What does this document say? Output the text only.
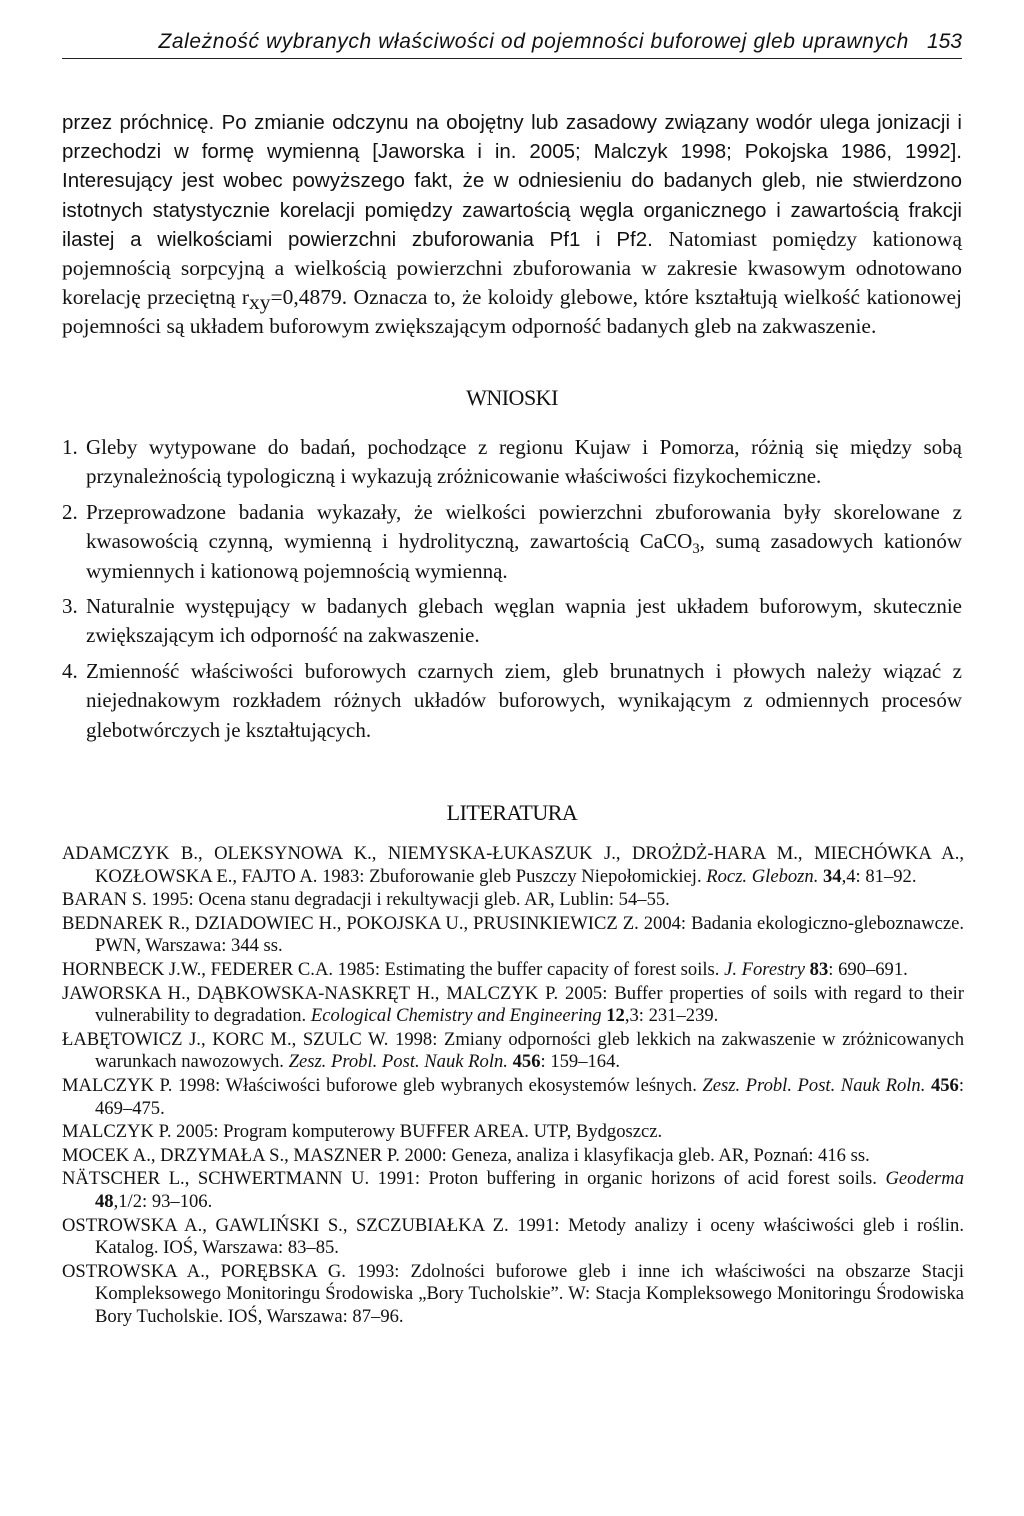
Zależność wybranych właściwości od pojemności buforowej gleb uprawnych 153
przez próchnicę. Po zmianie odczynu na obojętny lub zasadowy związany wodór ulega jonizacji i przechodzi w formę wymienną [Jaworska i in. 2005; Malczyk 1998; Pokojska 1986, 1992]. Interesujący jest wobec powyższego fakt, że w odniesieniu do badanych gleb, nie stwierdzono istotnych statystycznie korelacji pomiędzy zawartością węgla organicznego i zawartością frakcji ilastej a wielkościami powierzchni zbuforowania Pf1 i Pf2. Natomiast pomiędzy kationową pojemnością sorpcyjną a wielkością powierzchni zbuforowania w zakresie kwasowym odnotowano korelację przeciętną $r_{xy}=0,4879$. Oznacza to, że koloidy glebowe, które kształtują wielkość kationowej pojemności są układem buforowym zwiększającym odporność badanych gleb na zakwaszenie.
WNIOSKI
1. Gleby wytypowane do badań, pochodzące z regionu Kujaw i Pomorza, różnią się między sobą przynależnością typologiczną i wykazują zróżnicowanie właściwości fizykochemiczne.
2. Przeprowadzone badania wykazały, że wielkości powierzchni zbuforowania były skorelowane z kwasowością czynną, wymienną i hydrolityczną, zawartością CaCO$_3$, sumą zasadowych kationów wymiennych i kationową pojemnością wymienną.
3. Naturalnie występujący w badanych glebach węglan wapnia jest układem buforowym, skutecznie zwiększającym ich odporność na zakwaszenie.
4. Zmienność właściwości buforowych czarnych ziem, gleb brunatnych i płowych należy wiązać z niejednakowym rozkładem różnych układów buforowych, wynikającym z odmiennych procesów glebotwórczych je kształtujących.
LITERATURA
ADAMCZYK B., OLEKSYNOWA K., NIEMYSKA-ŁUKASZUK J., DROŻDŻ-HARA M., MIECHÓWKA A., KOZŁOWSKA E., FAJTO A. 1983: Zbuforowanie gleb Puszczy Niepołomickiej. Rocz. Glebozn. 34,4: 81–92.
BARAN S. 1995: Ocena stanu degradacji i rekultywacji gleb. AR, Lublin: 54–55.
BEDNAREK R., DZIADOWIEC H., POKOJSKA U., PRUSINKIEWICZ Z. 2004: Badania ekologiczno-gleboznawcze. PWN, Warszawa: 344 ss.
HORNBECK J.W., FEDERER C.A. 1985: Estimating the buffer capacity of forest soils. J. Forestry 83: 690–691.
JAWORSKA H., DĄBKOWSKA-NASKRĘT H., MALCZYK P. 2005: Buffer properties of soils with regard to their vulnerability to degradation. Ecological Chemistry and Engineering 12,3: 231–239.
ŁABĘTOWICZ J., KORC M., SZULC W. 1998: Zmiany odporności gleb lekkich na zakwaszenie w zróżnicowanych warunkach nawozowych. Zesz. Probl. Post. Nauk Roln. 456: 159–164.
MALCZYK P. 1998: Właściwości buforowe gleb wybranych ekosystemów leśnych. Zesz. Probl. Post. Nauk Roln. 456: 469–475.
MALCZYK P. 2005: Program komputerowy BUFFER AREA. UTP, Bydgoszcz.
MOCEK A., DRZYMAŁA S., MASZNER P. 2000: Geneza, analiza i klasyfikacja gleb. AR, Poznań: 416 ss.
NÄTSCHER L., SCHWERTMANN U. 1991: Proton buffering in organic horizons of acid forest soils. Geoderma 48,1/2: 93–106.
OSTROWSKA A., GAWLIŃSKI S., SZCZUBIAŁKA Z. 1991: Metody analizy i oceny właściwości gleb i roślin. Katalog. IOŚ, Warszawa: 83–85.
OSTROWSKA A., PORĘBSKA G. 1993: Zdolności buforowe gleb i inne ich właściwości na obszarze Stacji Kompleksowego Monitoringu Środowiska „Bory Tucholskie”. W: Stacja Kompleksowego Monitoringu Środowiska Bory Tucholskie. IOŚ, Warszawa: 87–96.
